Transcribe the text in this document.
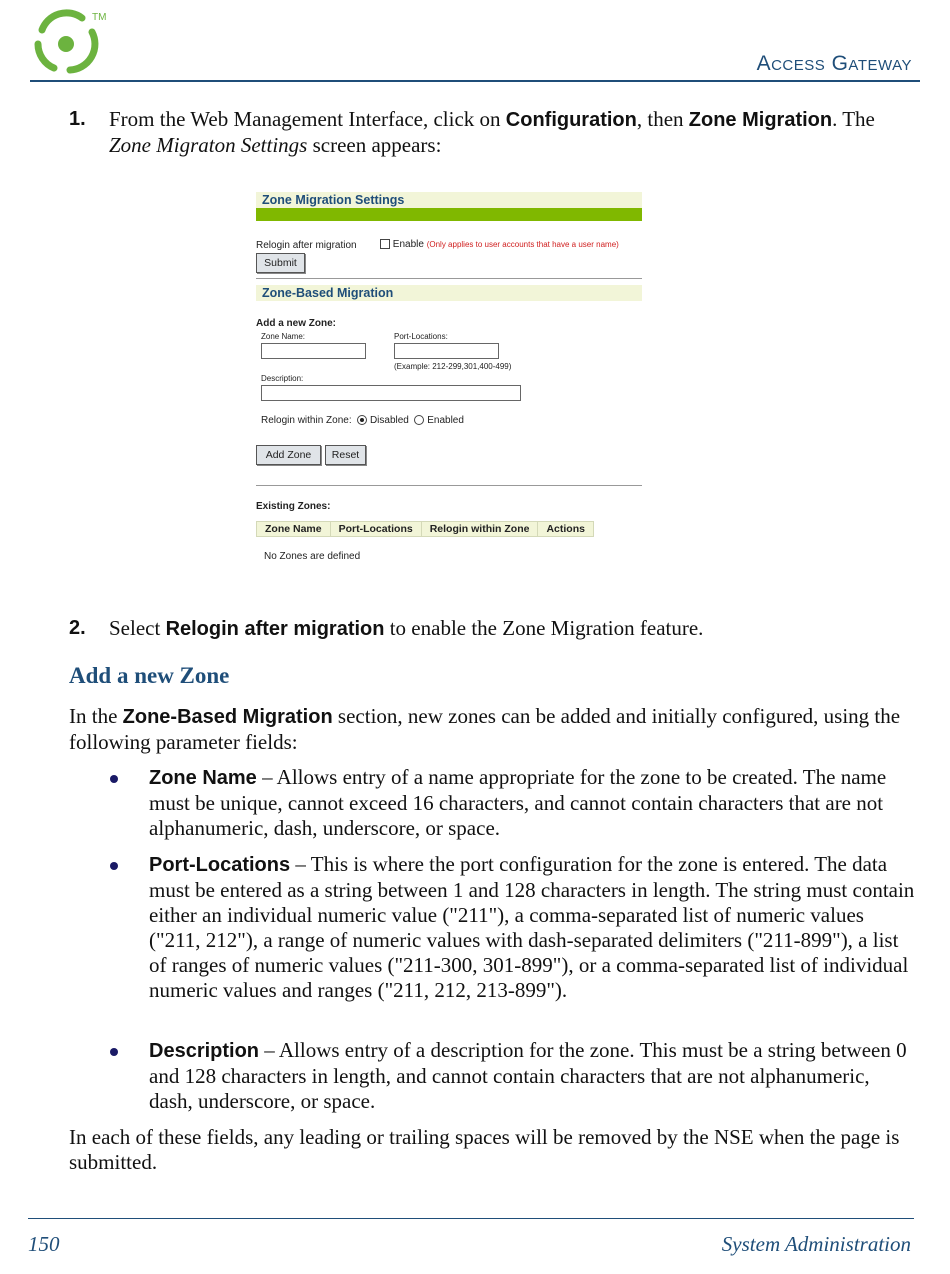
TM
Access Gateway
1. From the Web Management Interface, click on Configuration, then Zone Migration. The Zone Migraton Settings screen appears:
Zone Migration Settings
Relogin after migration	Enable (Only applies to user accounts that have a user name)
Submit
Zone-Based Migration
Add a new Zone:
Zone Name:	Port-Locations:
(Example: 212-299,301,400-499)
Description:
Relogin within Zone: Disabled Enabled
Add Zone	Reset
Existing Zones:
Zone Name	Port-Locations	Relogin within Zone	Actions
No Zones are defined
2. Select Relogin after migration to enable the Zone Migration feature.
Add a new Zone
In the Zone-Based Migration section, new zones can be added and initially configured, using the following parameter fields:
Zone Name – Allows entry of a name appropriate for the zone to be created. The name must be unique, cannot exceed 16 characters, and cannot contain characters that are not alphanumeric, dash, underscore, or space.
Port-Locations – This is where the port configuration for the zone is entered. The data must be entered as a string between 1 and 128 characters in length. The string must contain either an individual numeric value ("211"), a comma-separated list of numeric values ("211, 212"), a range of numeric values with dash-separated delimiters ("211-899"), a list of ranges of numeric values ("211-300, 301-899"), or a comma-separated list of individual numeric values and ranges ("211, 212, 213-899").
Description – Allows entry of a description for the zone. This must be a string between 0 and 128 characters in length, and cannot contain characters that are not alphanumeric, dash, underscore, or space.
In each of these fields, any leading or trailing spaces will be removed by the NSE when the page is submitted.
150	System Administration
